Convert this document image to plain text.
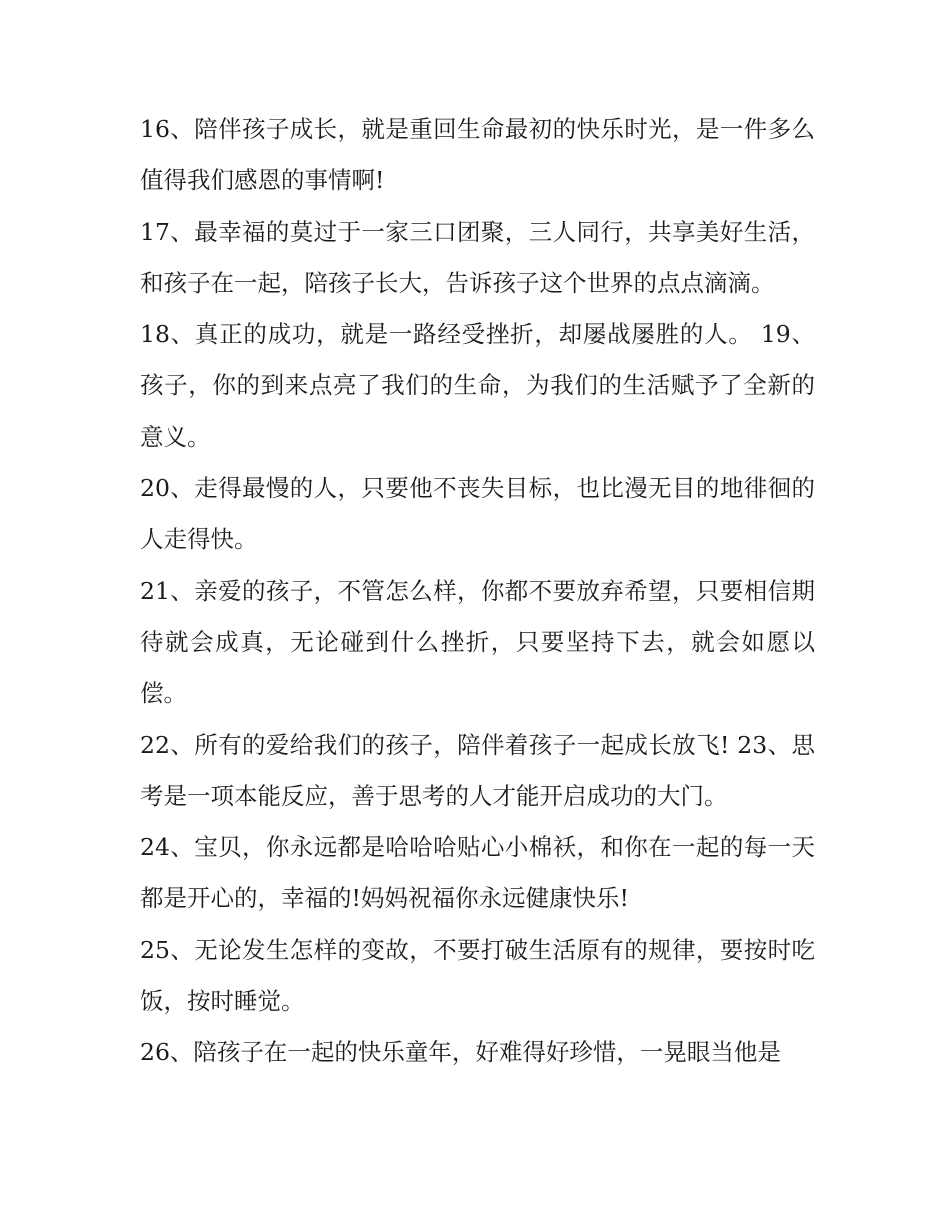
16、陪伴孩子成长，就是重回生命最初的快乐时光，是一件多么值得我们感恩的事情啊!

17、最幸福的莫过于一家三口团聚，三人同行，共享美好生活，和孩子在一起，陪孩子长大，告诉孩子这个世界的点点滴滴。

18、真正的成功，就是一路经受挫折，却屡战屡胜的人。 19、孩子，你的到来点亮了我们的生命，为我们的生活赋予了全新的意义。

20、走得最慢的人，只要他不丧失目标，也比漫无目的地徘徊的人走得快。

21、亲爱的孩子，不管怎么样，你都不要放弃希望，只要相信期待就会成真，无论碰到什么挫折，只要坚持下去，就会如愿以偿。

22、所有的爱给我们的孩子，陪伴着孩子一起成长放飞! 23、思考是一项本能反应，善于思考的人才能开启成功的大门。

24、宝贝，你永远都是哈哈哈贴心小棉袄，和你在一起的每一天都是开心的，幸福的!妈妈祝福你永远健康快乐!

25、无论发生怎样的变故，不要打破生活原有的规律，要按时吃饭，按时睡觉。

26、陪孩子在一起的快乐童年，好难得好珍惜，一晃眼当他是
